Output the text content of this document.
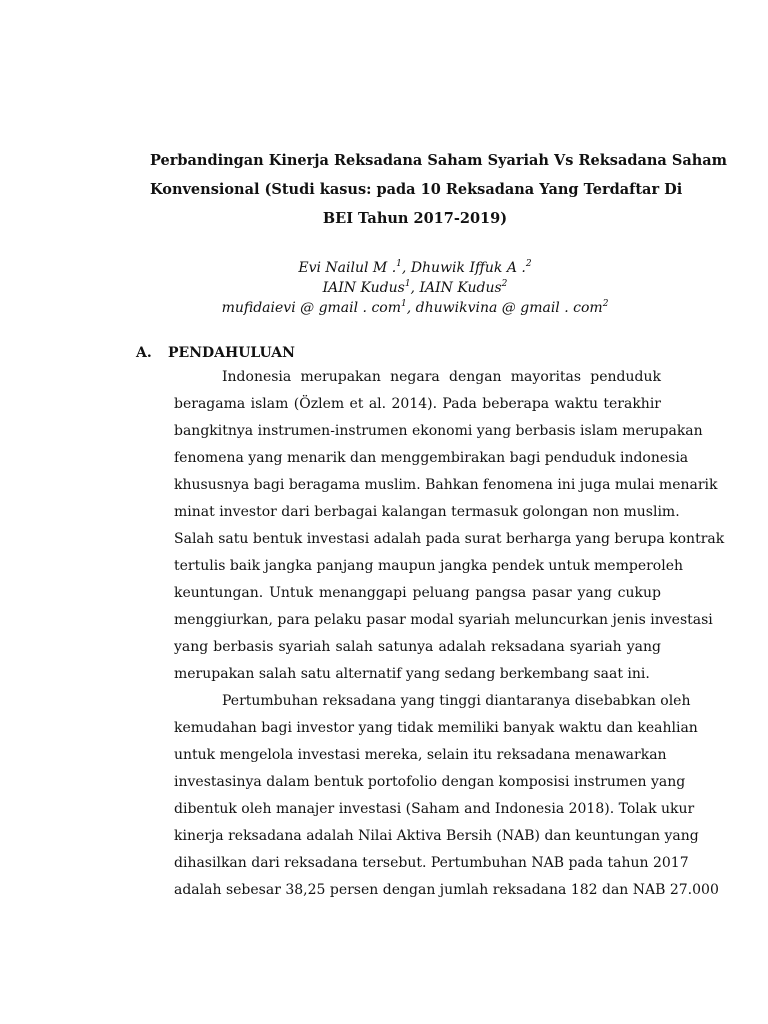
Perbandingan Kinerja Reksadana Saham Syariah Vs Reksadana Saham
Konvensional (Studi kasus: pada 10 Reksadana Yang Terdaftar Di
BEI Tahun 2017-2019)
Evi Nailul M .$^1$, Dhuwik Iffuk A .$^2$
IAIN Kudus$^1$, IAIN Kudus$^2$
mufidaievi @ gmail . com$^1$, dhuwikvina @ gmail . com$^2$
A. PENDAHULUAN
Indonesia merupakan negara dengan mayoritas penduduk
beragama islam (Özlem et al. 2014). Pada beberapa waktu terakhir
bangkitnya instrumen-instrumen ekonomi yang berbasis islam merupakan
fenomena yang menarik dan menggembirakan bagi penduduk indonesia
khususnya bagi beragama muslim. Bahkan fenomena ini juga mulai menarik
minat investor dari berbagai kalangan termasuk golongan non muslim.
Salah satu bentuk investasi adalah pada surat berharga yang berupa kontrak
tertulis baik jangka panjang maupun jangka pendek untuk memperoleh
keuntungan. Untuk menanggapi peluang pangsa pasar yang cukup
menggiurkan, para pelaku pasar modal syariah meluncurkan jenis investasi
yang berbasis syariah salah satunya adalah reksadana syariah yang
merupakan salah satu alternatif yang sedang berkembang saat ini.
Pertumbuhan reksadana yang tinggi diantaranya disebabkan oleh
kemudahan bagi investor yang tidak memiliki banyak waktu dan keahlian
untuk mengelola investasi mereka, selain itu reksadana menawarkan
investasinya dalam bentuk portofolio dengan komposisi instrumen yang
dibentuk oleh manajer investasi (Saham and Indonesia 2018). Tolak ukur
kinerja reksadana adalah Nilai Aktiva Bersih (NAB) dan keuntungan yang
dihasilkan dari reksadana tersebut. Pertumbuhan NAB pada tahun 2017
adalah sebesar 38,25 persen dengan jumlah reksadana 182 dan NAB 27.000
